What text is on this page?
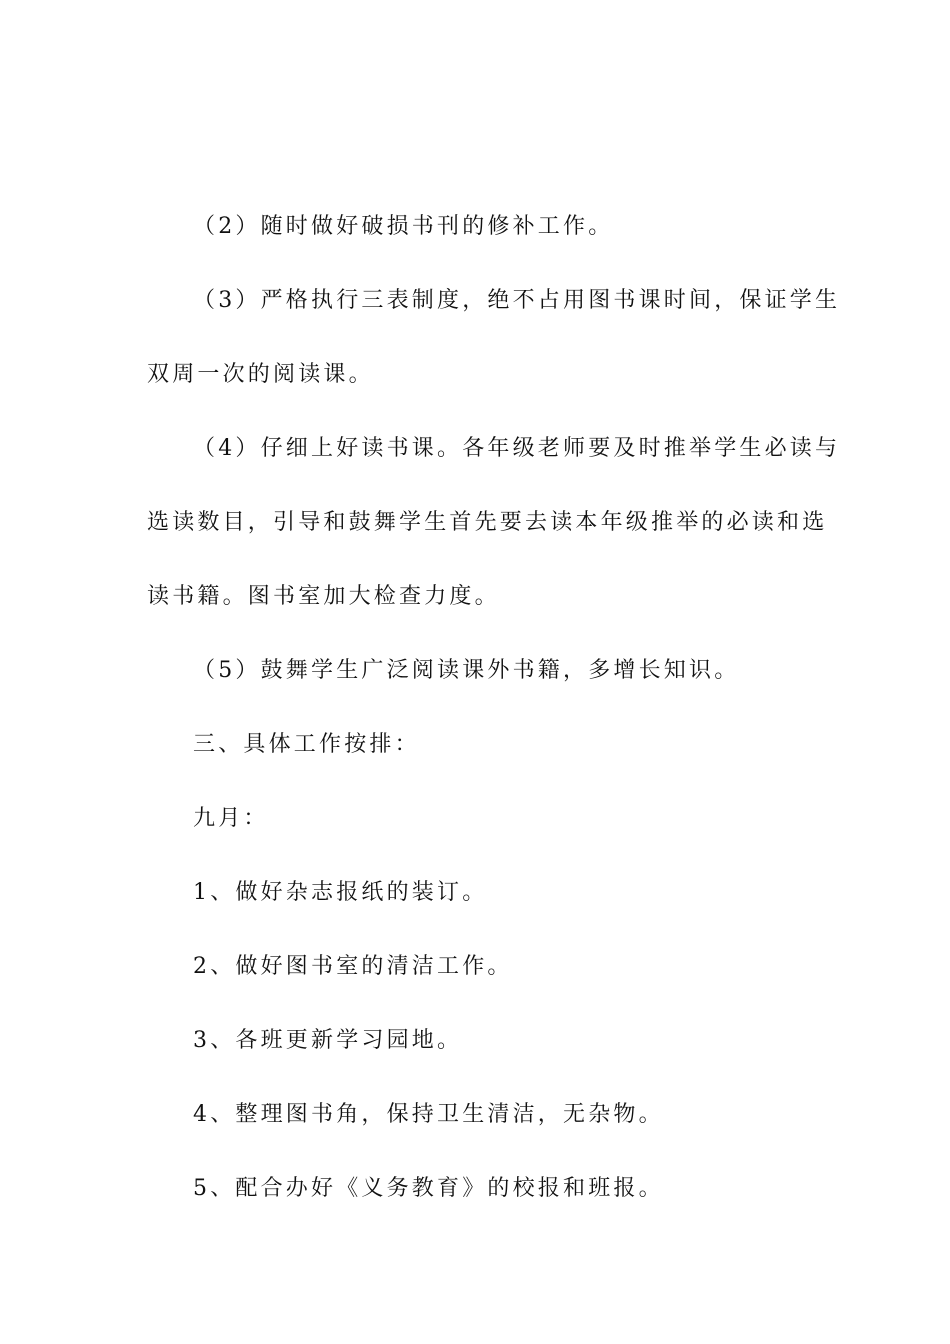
（2）随时做好破损书刊的修补工作。
（3）严格执行三表制度，绝不占用图书课时间，保证学生
双周一次的阅读课。
（4）仔细上好读书课。各年级老师要及时推举学生必读与
选读数目，引导和鼓舞学生首先要去读本年级推举的必读和选
读书籍。图书室加大检查力度。
（5）鼓舞学生广泛阅读课外书籍，多增长知识。
三、具体工作按排：
九月：
1、做好杂志报纸的装订。
2、做好图书室的清洁工作。
3、各班更新学习园地。
4、整理图书角，保持卫生清洁，无杂物。
5、配合办好《义务教育》的校报和班报。
